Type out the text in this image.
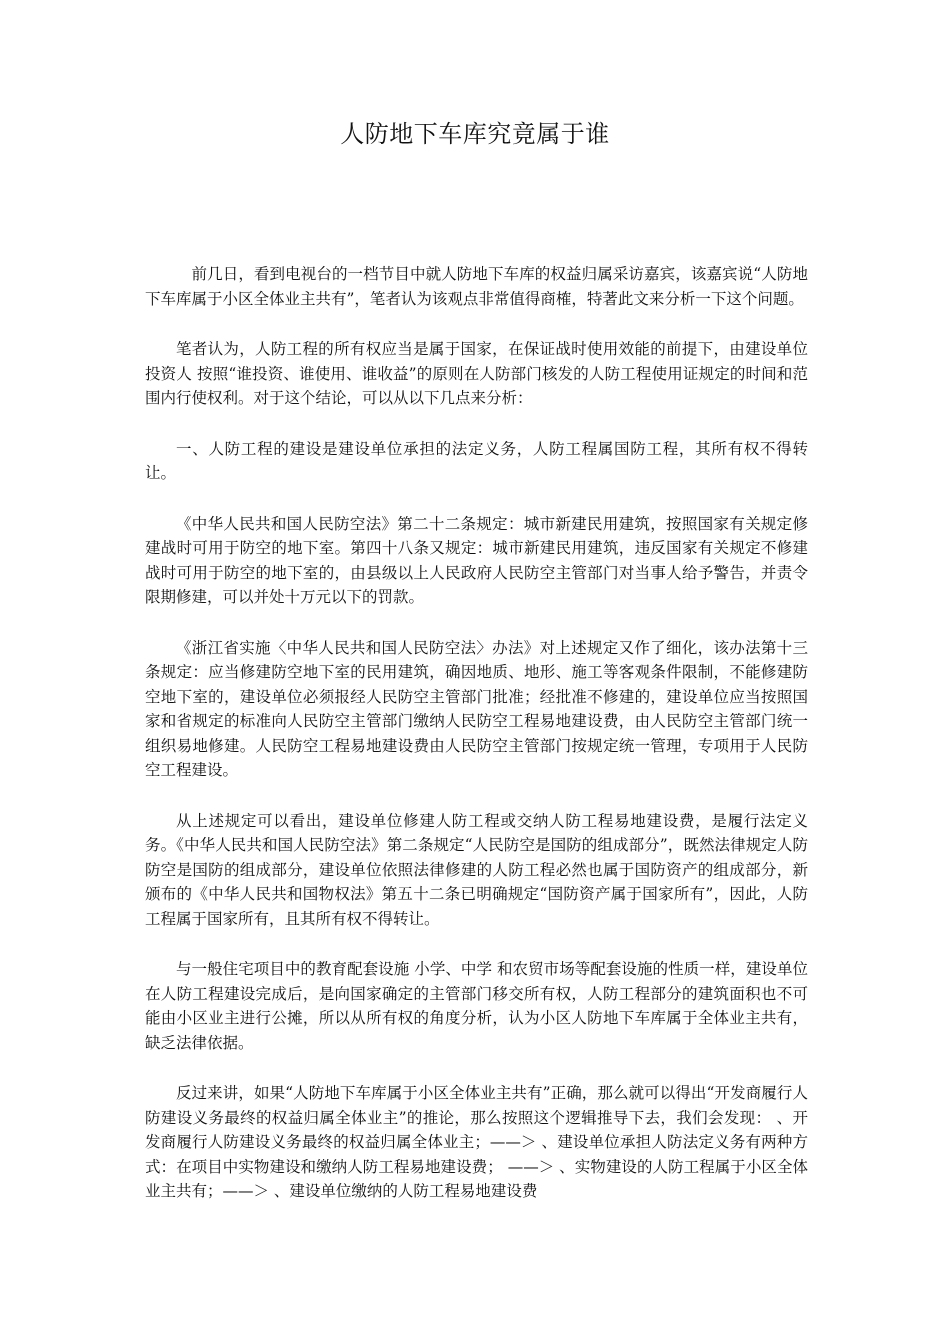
人防地下车库究竟属于谁

前几日，看到电视台的一档节目中就人防地下车库的权益归属采访嘉宾，该嘉宾说“人防地下车库属于小区全体业主共有”，笔者认为该观点非常值得商榷，特著此文来分析一下这个问题。

笔者认为，人防工程的所有权应当是属于国家，在保证战时使用效能的前提下，由建设单位 投资人 按照“谁投资、谁使用、谁收益”的原则在人防部门核发的人防工程使用证规定的时间和范围内行使权利。对于这个结论，可以从以下几点来分析：

一、人防工程的建设是建设单位承担的法定义务，人防工程属国防工程，其所有权不得转让。

《中华人民共和国人民防空法》第二十二条规定：城市新建民用建筑，按照国家有关规定修建战时可用于防空的地下室。第四十八条又规定：城市新建民用建筑，违反国家有关规定不修建战时可用于防空的地下室的，由县级以上人民政府人民防空主管部门对当事人给予警告，并责令限期修建，可以并处十万元以下的罚款。

《浙江省实施〈中华人民共和国人民防空法〉办法》对上述规定又作了细化，该办法第十三条规定：应当修建防空地下室的民用建筑，确因地质、地形、施工等客观条件限制，不能修建防空地下室的，建设单位必须报经人民防空主管部门批准；经批准不修建的，建设单位应当按照国家和省规定的标准向人民防空主管部门缴纳人民防空工程易地建设费，由人民防空主管部门统一组织易地修建。人民防空工程易地建设费由人民防空主管部门按规定统一管理，专项用于人民防空工程建设。

从上述规定可以看出，建设单位修建人防工程或交纳人防工程易地建设费，是履行法定义务。《中华人民共和国人民防空法》第二条规定“人民防空是国防的组成部分”，既然法律规定人防防空是国防的组成部分，建设单位依照法律修建的人防工程必然也属于国防资产的组成部分，新颁布的《中华人民共和国物权法》第五十二条已明确规定“国防资产属于国家所有”，因此，人防工程属于国家所有，且其所有权不得转让。

与一般住宅项目中的教育配套设施 小学、中学 和农贸市场等配套设施的性质一样，建设单位在人防工程建设完成后，是向国家确定的主管部门移交所有权，人防工程部分的建筑面积也不可能由小区业主进行公摊，所以从所有权的角度分析，认为小区人防地下车库属于全体业主共有，缺乏法律依据。

反过来讲，如果“人防地下车库属于小区全体业主共有”正确，那么就可以得出“开发商履行人防建设义务最终的权益归属全体业主”的推论，那么按照这个逻辑推导下去，我们会发现： 、开发商履行人防建设义务最终的权益归属全体业主；——＞ 、建设单位承担人防法定义务有两种方式：在项目中实物建设和缴纳人防工程易地建设费； ——＞ 、实物建设的人防工程属于小区全体业主共有；——＞ 、建设单位缴纳的人防工程易地建设费
